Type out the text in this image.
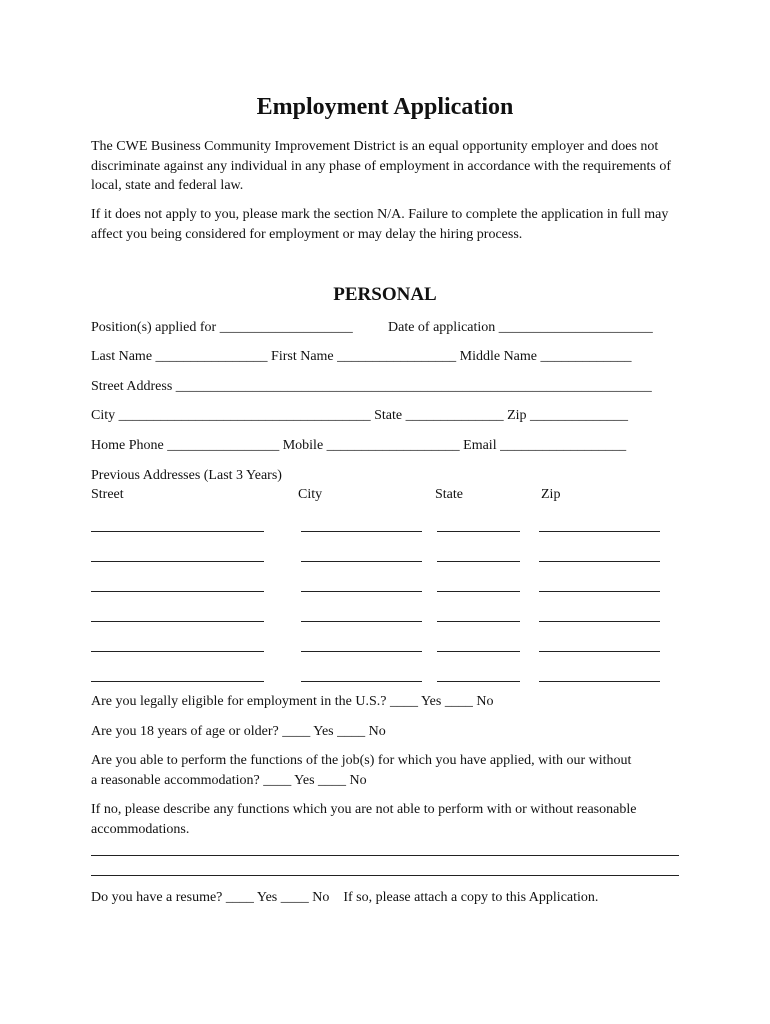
Employment Application
The CWE Business Community Improvement District is an equal opportunity employer and does not discriminate against any individual in any phase of employment in accordance with the requirements of local, state and federal law.
If it does not apply to you, please mark the section N/A. Failure to complete the application in full may affect you being considered for employment or may delay the hiring process.
PERSONAL
Position(s) applied for ___________________	Date of application ______________________
Last Name ________________ First Name _________________ Middle Name _____________
Street Address ____________________________________________________________________
City ____________________________________ State ______________ Zip ______________
Home Phone ________________ Mobile ___________________ Email __________________
Previous Addresses (Last 3 Years)
Street	City	State	Zip
Are you legally eligible for employment in the U.S.? ____ Yes ____ No
Are you 18 years of age or older? ____ Yes ____ No
Are you able to perform the functions of the job(s) for which you have applied, with our without
a reasonable accommodation? ____ Yes ____ No
If no, please describe any functions which you are not able to perform with or without reasonable
accommodations.
Do you have a resume? ____ Yes ____ No    If so, please attach a copy to this Application.
